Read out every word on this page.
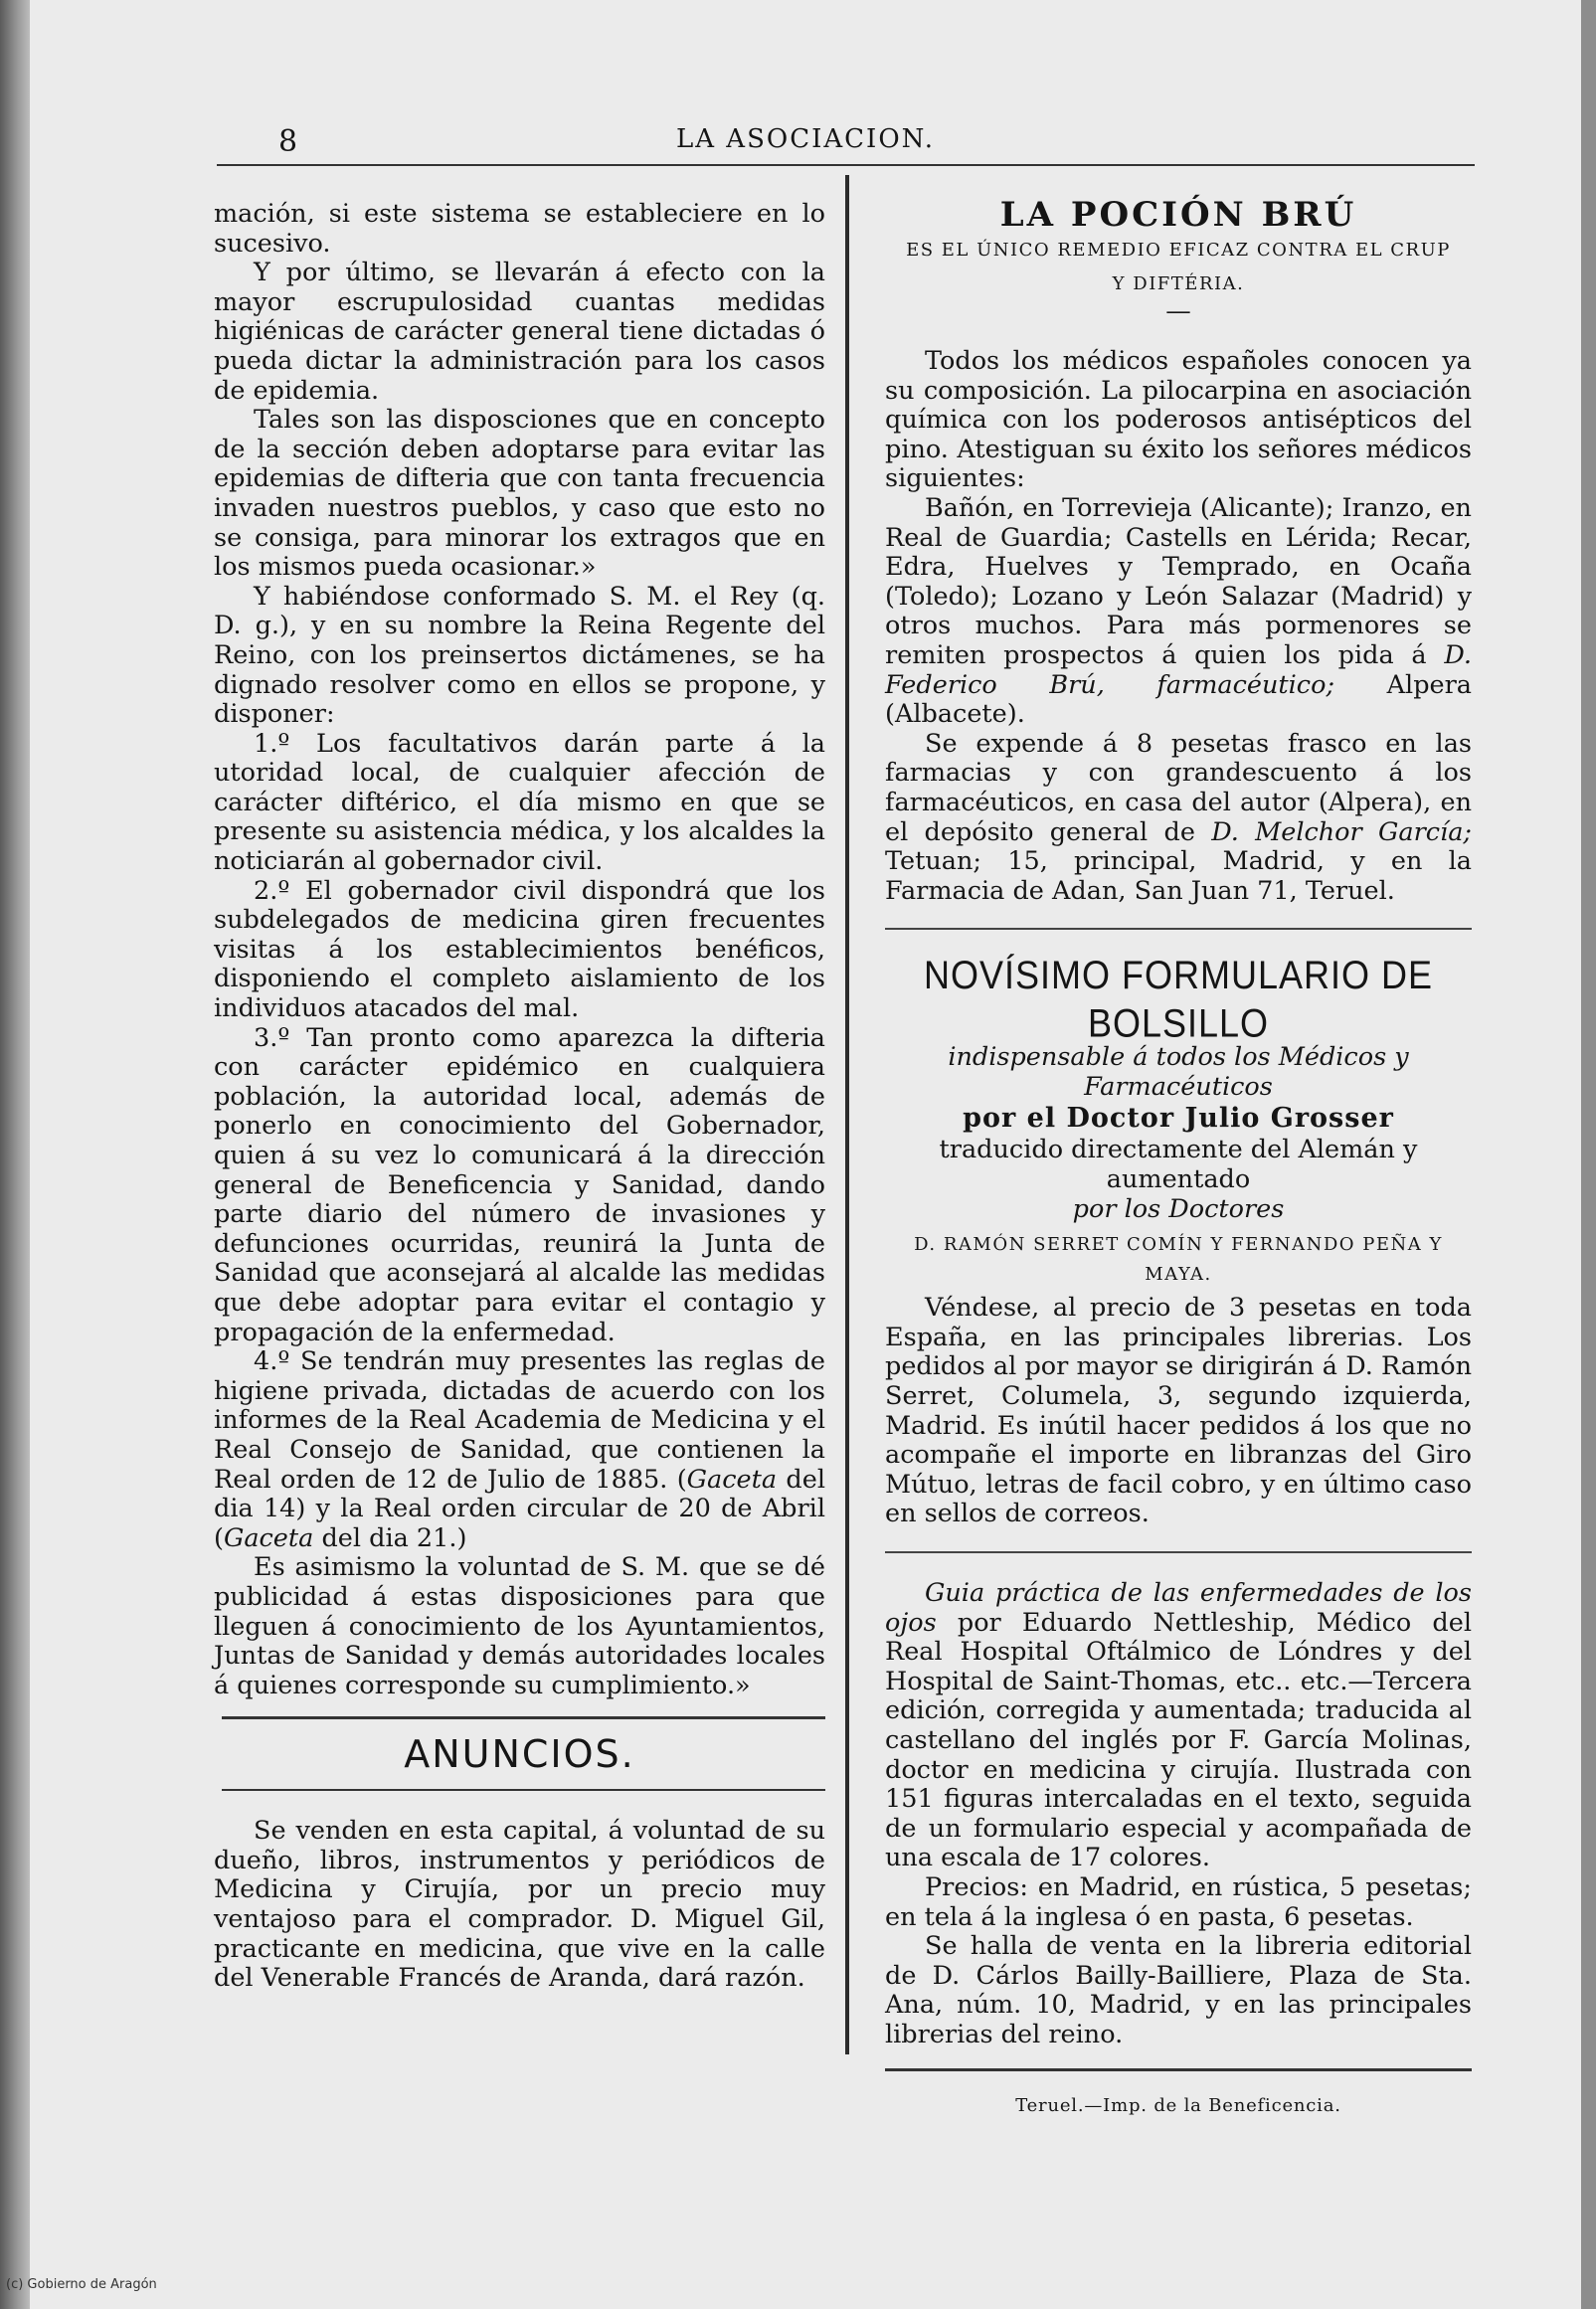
8	LA ASOCIACION.

mación, si este sistema se estableciere en lo sucesivo.

Y por último, se llevarán á efecto con la mayor escrupulosidad cuantas medidas higiénicas de carácter general tiene dictadas ó pueda dictar la administración para los casos de epidemia.

Tales son las disposciones que en concepto de la sección deben adoptarse para evitar las epidemias de difteria que con tanta frecuencia invaden nuestros pueblos, y caso que esto no se consiga, para minorar los extragos que en los mismos pueda ocasionar.»

Y habiéndose conformado S. M. el Rey (q. D. g.), y en su nombre la Reina Regente del Reino, con los preinsertos dictámenes, se ha dignado resolver como en ellos se propone, y disponer:

1.º Los facultativos darán parte á la utoridad local, de cualquier afección de carácter diftérico, el día mismo en que se presente su asistencia médica, y los alcaldes la noticiarán al gobernador civil.

2.º El gobernador civil dispondrá que los subdelegados de medicina giren frecuentes visitas á los establecimientos benéficos, disponiendo el completo aislamiento de los individuos atacados del mal.

3.º Tan pronto como aparezca la difteria con carácter epidémico en cualquiera población, la autoridad local, además de ponerlo en conocimiento del Gobernador, quien á su vez lo comunicará á la dirección general de Beneficencia y Sanidad, dando parte diario del número de invasiones y defunciones ocurridas, reunirá la Junta de Sanidad que aconsejará al alcalde las medidas que debe adoptar para evitar el contagio y propagación de la enfermedad.

4.º Se tendrán muy presentes las reglas de higiene privada, dictadas de acuerdo con los informes de la Real Academia de Medicina y el Real Consejo de Sanidad, que contienen la Real orden de 12 de Julio de 1885. (Gaceta del dia 14) y la Real orden circular de 20 de Abril (Gaceta del dia 21.)

Es asimismo la voluntad de S. M. que se dé publicidad á estas disposiciones para que lleguen á conocimiento de los Ayuntamientos, Juntas de Sanidad y demás autoridades locales á quienes corresponde su cumplimiento.»

ANUNCIOS.

Se venden en esta capital, á voluntad de su dueño, libros, instrumentos y periódicos de Medicina y Cirujía, por un precio muy ventajoso para el comprador. D. Miguel Gil, practicante en medicina, que vive en la calle del Venerable Francés de Aranda, dará razón.

LA POCIÓN BRÚ
ES EL ÚNICO REMEDIO EFICAZ CONTRA EL CRUP
Y DIFTÉRIA.
—

Todos los médicos españoles conocen ya su composición. La pilocarpina en asociación química con los poderosos antisépticos del pino. Atestiguan su éxito los señores médicos siguientes:

Bañón, en Torrevieja (Alicante); Iranzo, en Real de Guardia; Castells en Lérida; Recar, Edra, Huelves y Temprado, en Ocaña (Toledo); Lozano y León Salazar (Madrid) y otros muchos. Para más pormenores se remiten prospectos á quien los pida á D. Federico Brú, farmacéutico; Alpera (Albacete).

Se expende á 8 pesetas frasco en las farmacias y con grandescuento á los farmacéuticos, en casa del autor (Alpera), en el depósito general de D. Melchor García; Tetuan; 15, principal, Madrid, y en la Farmacia de Adan, San Juan 71, Teruel.

NOVÍSIMO FORMULARIO DE BOLSILLO
indispensable á todos los Médicos y Farmacéuticos
por el Doctor Julio Grosser
traducido directamente del Alemán y aumentado
por los Doctores
D. RAMÓN SERRET COMÍN Y FERNANDO PEÑA Y MAYA.

Véndese, al precio de 3 pesetas en toda España, en las principales librerias. Los pedidos al por mayor se dirigirán á D. Ramón Serret, Columela, 3, segundo izquierda, Madrid. Es inútil hacer pedidos á los que no acompañe el importe en libranzas del Giro Mútuo, letras de facil cobro, y en último caso en sellos de correos.

Guia práctica de las enfermedades de los ojos por Eduardo Nettleship, Médico del Real Hospital Oftálmico de Lóndres y del Hospital de Saint-Thomas, etc.. etc.—Tercera edición, corregida y aumentada; traducida al castellano del inglés por F. García Molinas, doctor en medicina y cirujía. Ilustrada con 151 figuras intercaladas en el texto, seguida de un formulario especial y acompañada de una escala de 17 colores.

Precios: en Madrid, en rústica, 5 pesetas; en tela á la inglesa ó en pasta, 6 pesetas.

Se halla de venta en la libreria editorial de D. Cárlos Bailly-Bailliere, Plaza de Sta. Ana, núm. 10, Madrid, y en las principales librerias del reino.

Teruel.—Imp. de la Beneficencia.
(c) Gobierno de Aragón
